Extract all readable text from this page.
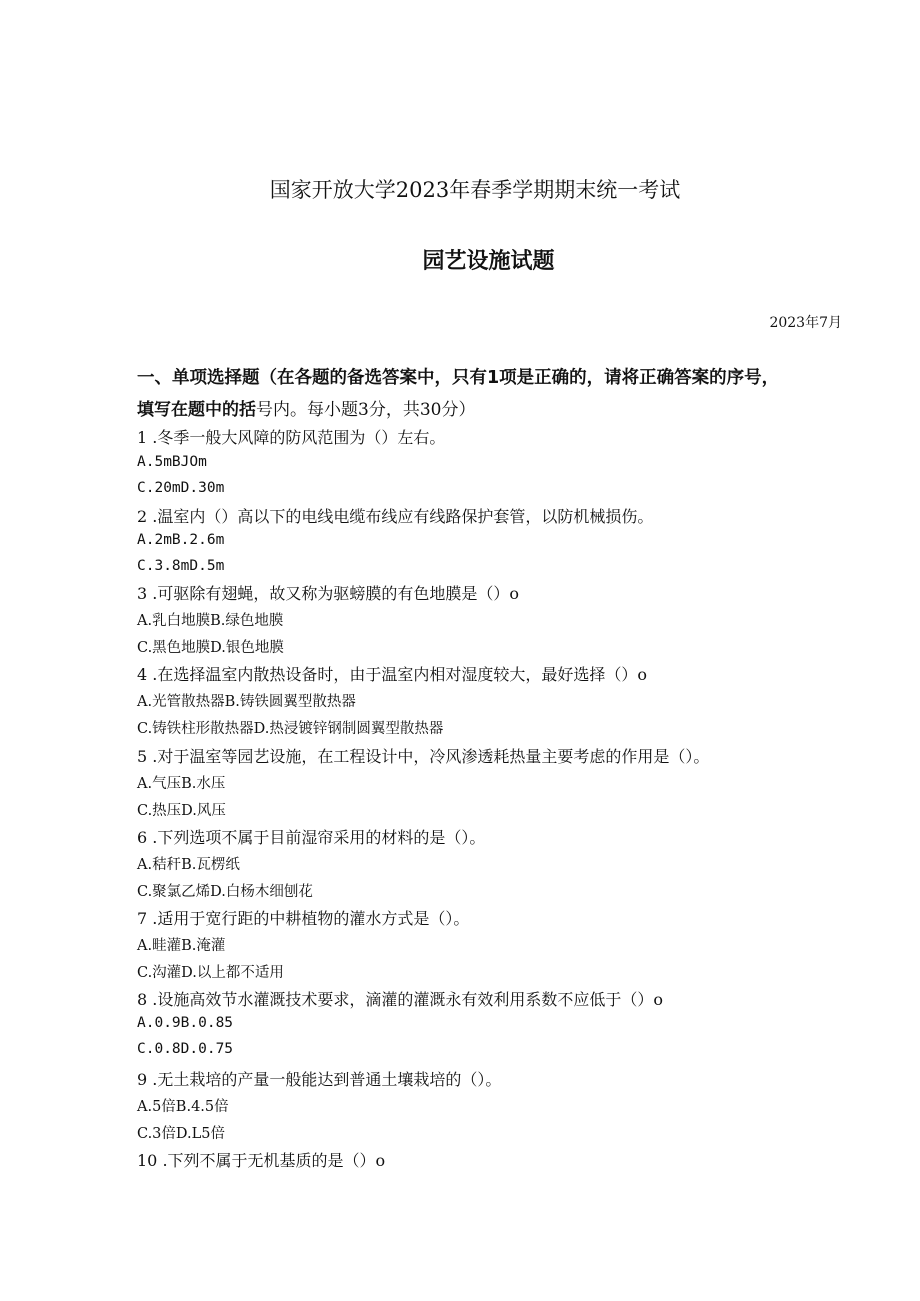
国家开放大学2023年春季学期期末统一考试
园艺设施试题
2023年7月
一、单项选择题（在各题的备选答案中，只有1项是正确的，请将正确答案的序号，
填写在题中的括号内。每小题3分，共30分）
1 .冬季一般大风障的防风范围为（）左右。
A.5mBJOm
C.20mD.30m
2 .温室内（）高以下的电线电缆布线应有线路保护套管，以防机械损伤。
A.2mB.2.6m
C.3.8mD.5m
3 .可驱除有翅蝇，故又称为驱螃膜的有色地膜是（）o
A.乳白地膜B.绿色地膜
C.黑色地膜D.银色地膜
4 .在选择温室内散热设备时，由于温室内相对湿度较大，最好选择（）o
A.光管散热器B.铸铁圆翼型散热器
C.铸铁柱形散热器D.热浸镀锌钢制圆翼型散热器
5 .对于温室等园艺设施，在工程设计中，冷风渗透耗热量主要考虑的作用是（）。
A.气压B.水压
C.热压D.风压
6 .下列选项不属于目前湿帘采用的材料的是（）。
A.秸秆B.瓦楞纸
C.聚氯乙烯D.白杨木细刨花
7 .适用于宽行距的中耕植物的灌水方式是（）。
A.畦灌B.淹灌
C.沟灌D.以上都不适用
8 .设施高效节水灌溉技术要求，滴灌的灌溉永有效利用系数不应低于（）o
A.0.9B.0.85
C.0.8D.0.75
9 .无土栽培的产量一般能达到普通土壤栽培的（）。
A.5倍B.4.5倍
C.3倍D.L5倍
10 .下列不属于无机基质的是（）o
